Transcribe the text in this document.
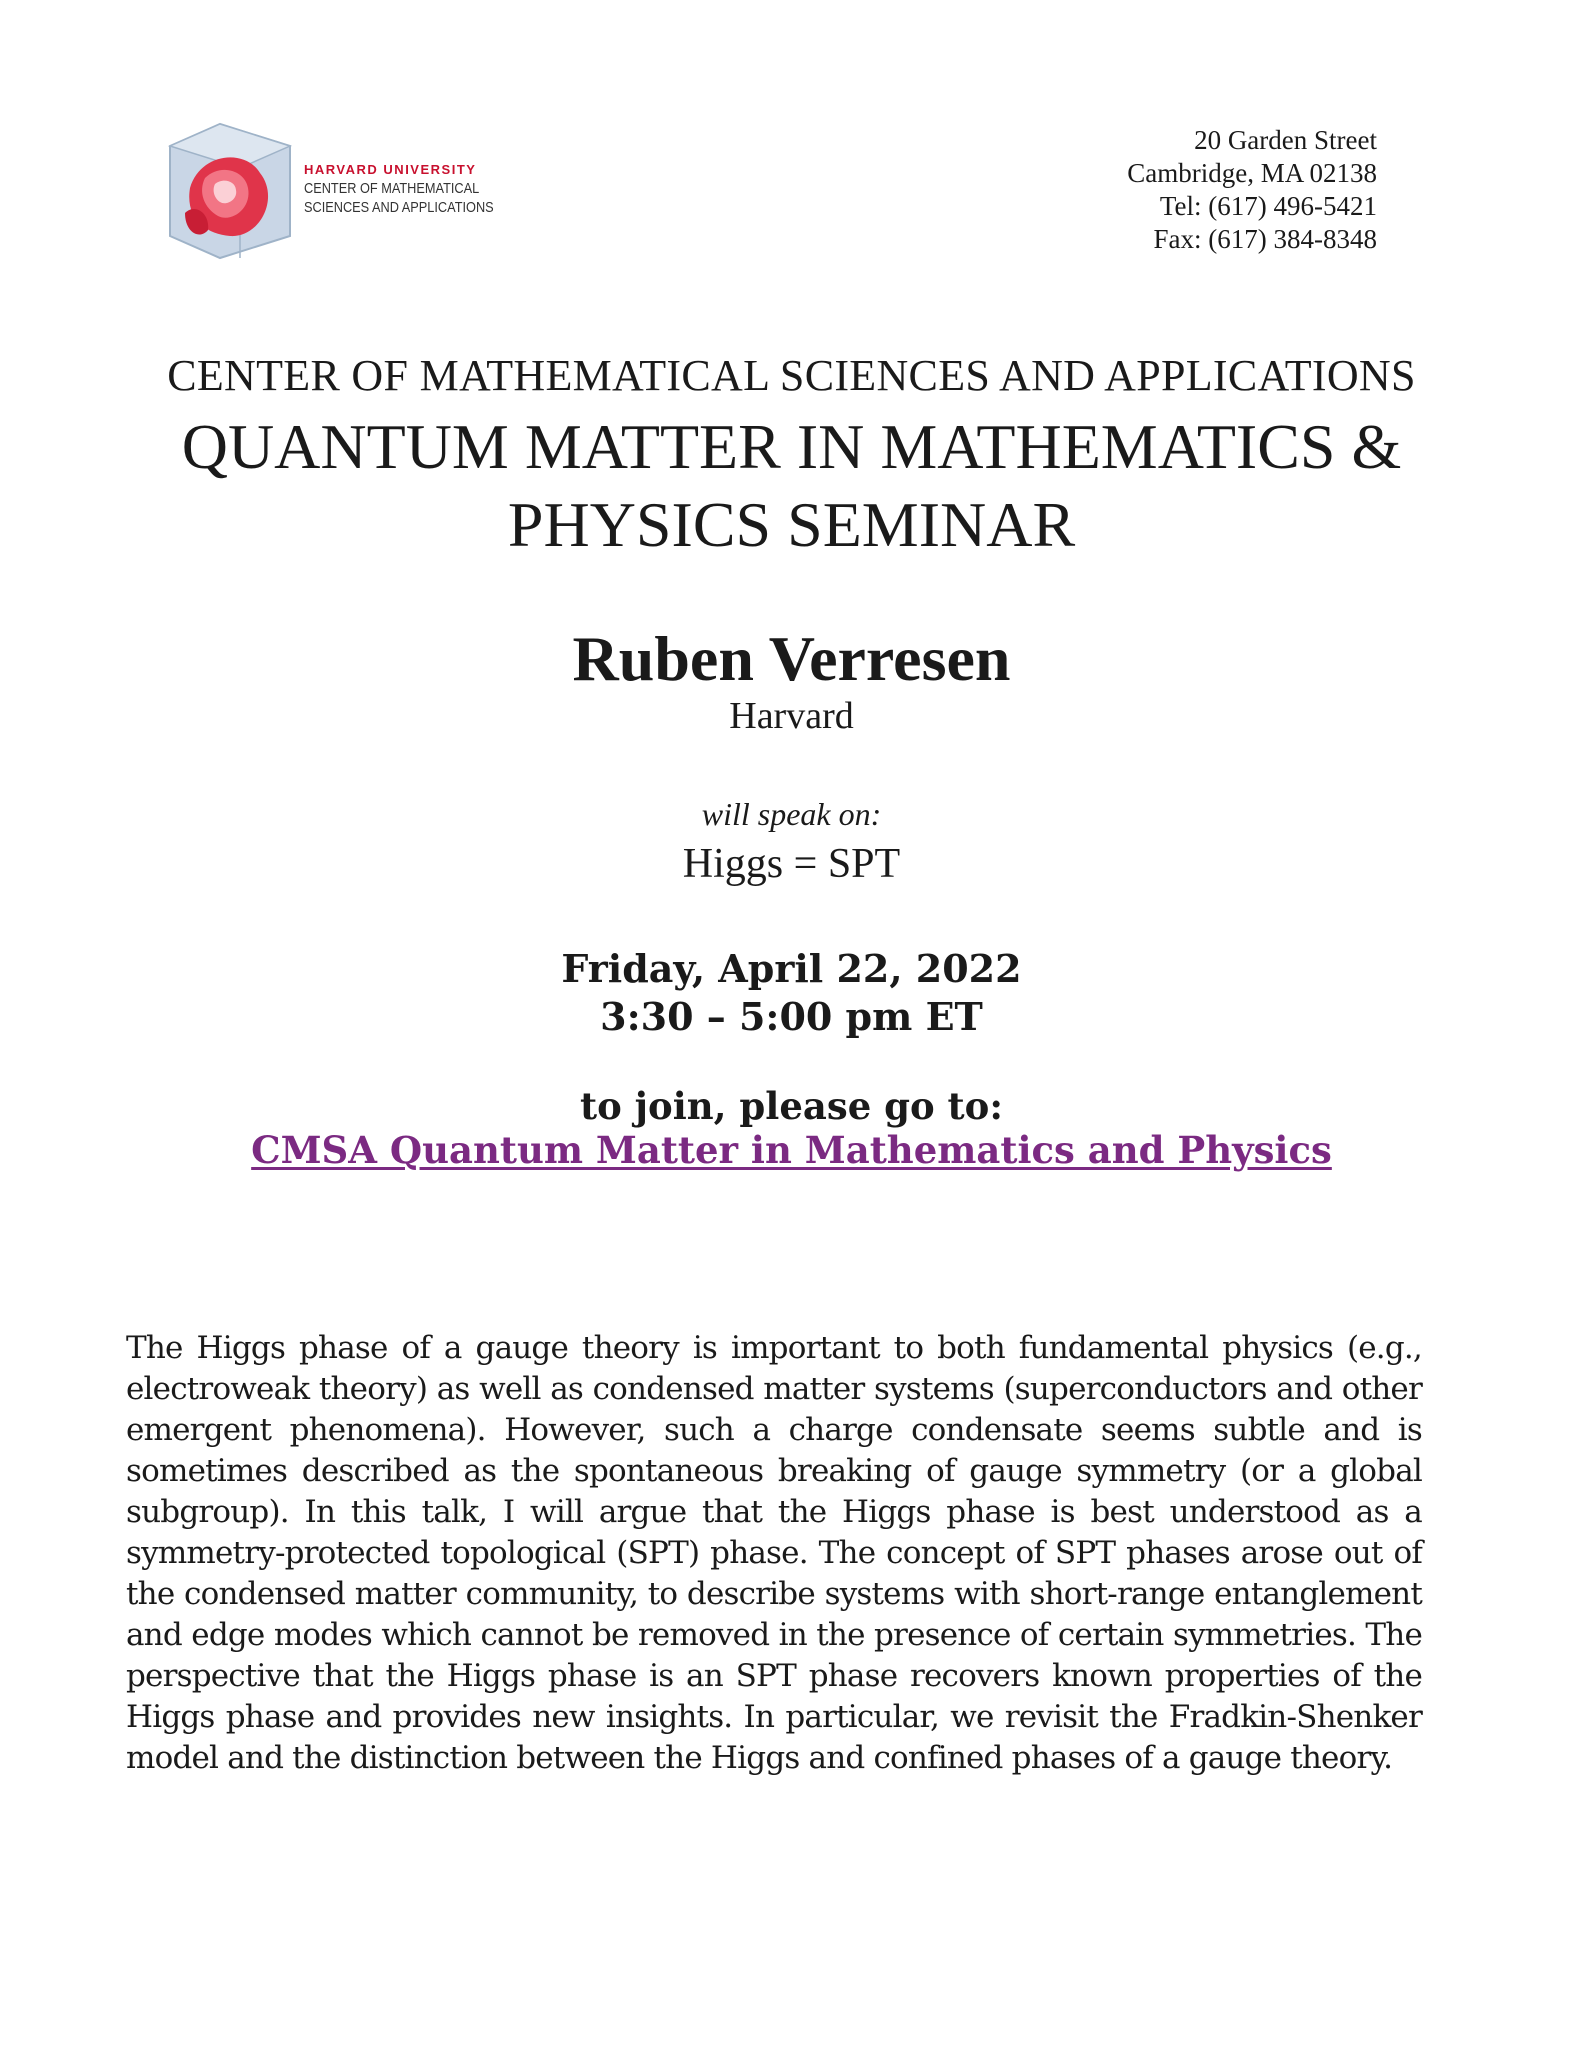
HARVARD UNIVERSITY
CENTER OF MATHEMATICAL
SCIENCES AND APPLICATIONS
20 Garden Street
Cambridge, MA 02138
Tel: (617) 496-5421
Fax: (617) 384-8348
CENTER OF MATHEMATICAL SCIENCES AND APPLICATIONS
QUANTUM MATTER IN MATHEMATICS &
PHYSICS SEMINAR
Ruben Verresen
Harvard
will speak on:
Higgs = SPT
Friday, April 22, 2022
3:30 – 5:00 pm ET
to join, please go to:
CMSA Quantum Matter in Mathematics and Physics

The Higgs phase of a gauge theory is important to both fundamental physics (e.g., electroweak theory) as well as condensed matter systems (superconductors and other emergent phenomena). However, such a charge condensate seems subtle and is sometimes described as the spontaneous breaking of gauge symmetry (or a global subgroup). In this talk, I will argue that the Higgs phase is best understood as a symmetry-protected topological (SPT) phase. The concept of SPT phases arose out of the condensed matter community, to describe systems with short-range entanglement and edge modes which cannot be removed in the presence of certain symmetries. The perspective that the Higgs phase is an SPT phase recovers known properties of the Higgs phase and provides new insights. In particular, we revisit the Fradkin-Shenker model and the distinction between the Higgs and confined phases of a gauge theory.
